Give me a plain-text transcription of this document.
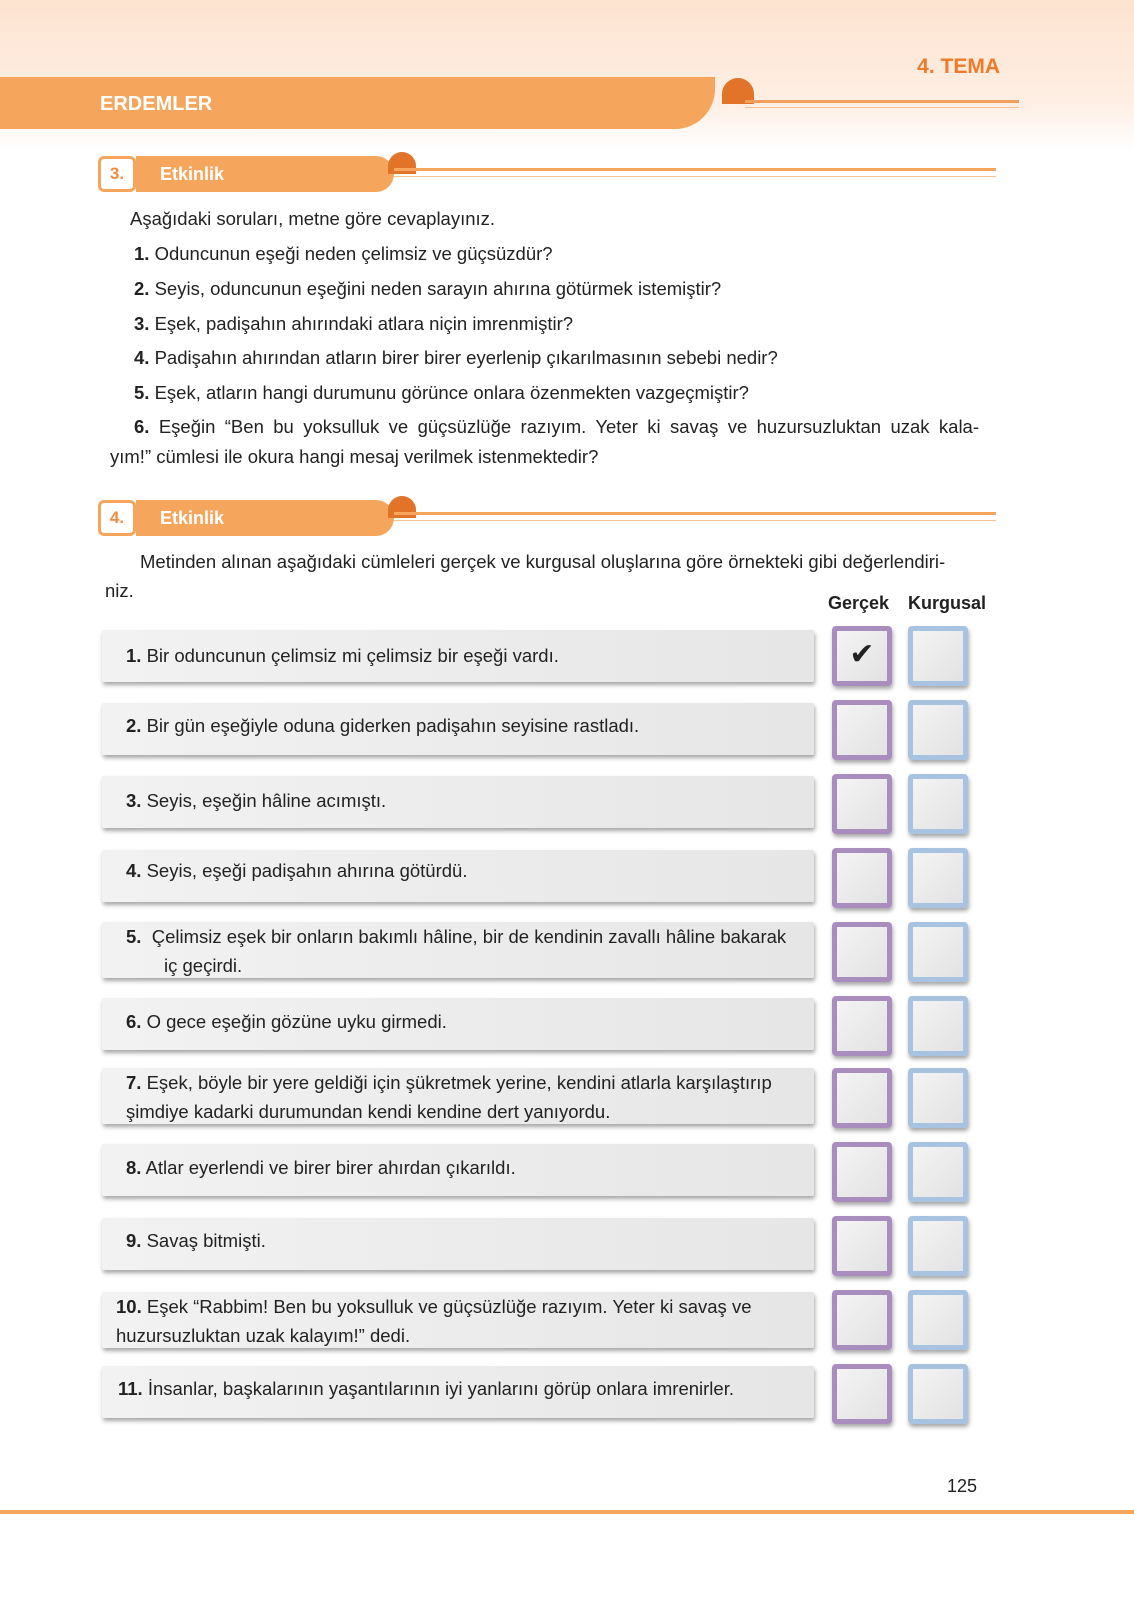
4. TEMA
ERDEMLER
3.	Etkinlik
Aşağıdaki soruları, metne göre cevaplayınız.
1. Oduncunun eşeği neden çelimsiz ve güçsüzdür?
2. Seyis, oduncunun eşeğini neden sarayın ahırına götürmek istemiştir?
3. Eşek, padişahın ahırındaki atlara niçin imrenmiştir?
4. Padişahın ahırından atların birer birer eyerlenip çıkarılmasının sebebi nedir?
5. Eşek, atların hangi durumunu görünce onlara özenmekten vazgeçmiştir?
6. Eşeğin “Ben bu yoksulluk ve güçsüzlüğe razıyım. Yeter ki savaş ve huzursuzluktan uzak kala-
yım!” cümlesi ile okura hangi mesaj verilmek istenmektedir?
4.	Etkinlik
Metinden alınan aşağıdaki cümleleri gerçek ve kurgusal oluşlarına göre örnekteki gibi değerlendiri-
niz.
Gerçek Kurgusal
1. Bir oduncunun çelimsiz mi çelimsiz bir eşeği vardı.	✔
2. Bir gün eşeğiyle oduna giderken padişahın seyisine rastladı.
3. Seyis, eşeğin hâline acımıştı.
4. Seyis, eşeği padişahın ahırına götürdü.
5. Çelimsiz eşek bir onların bakımlı hâline, bir de kendinin zavallı hâline bakarak
iç geçirdi.
6. O gece eşeğin gözüne uyku girmedi.
7. Eşek, böyle bir yere geldiği için şükretmek yerine, kendini atlarla karşılaştırıp
şimdiye kadarki durumundan kendi kendine dert yanıyordu.
8. Atlar eyerlendi ve birer birer ahırdan çıkarıldı.
9. Savaş bitmişti.
10. Eşek “Rabbim! Ben bu yoksulluk ve güçsüzlüğe razıyım. Yeter ki savaş ve
huzursuzluktan uzak kalayım!” dedi.
11. İnsanlar, başkalarının yaşantılarının iyi yanlarını görüp onlara imrenirler.
125
